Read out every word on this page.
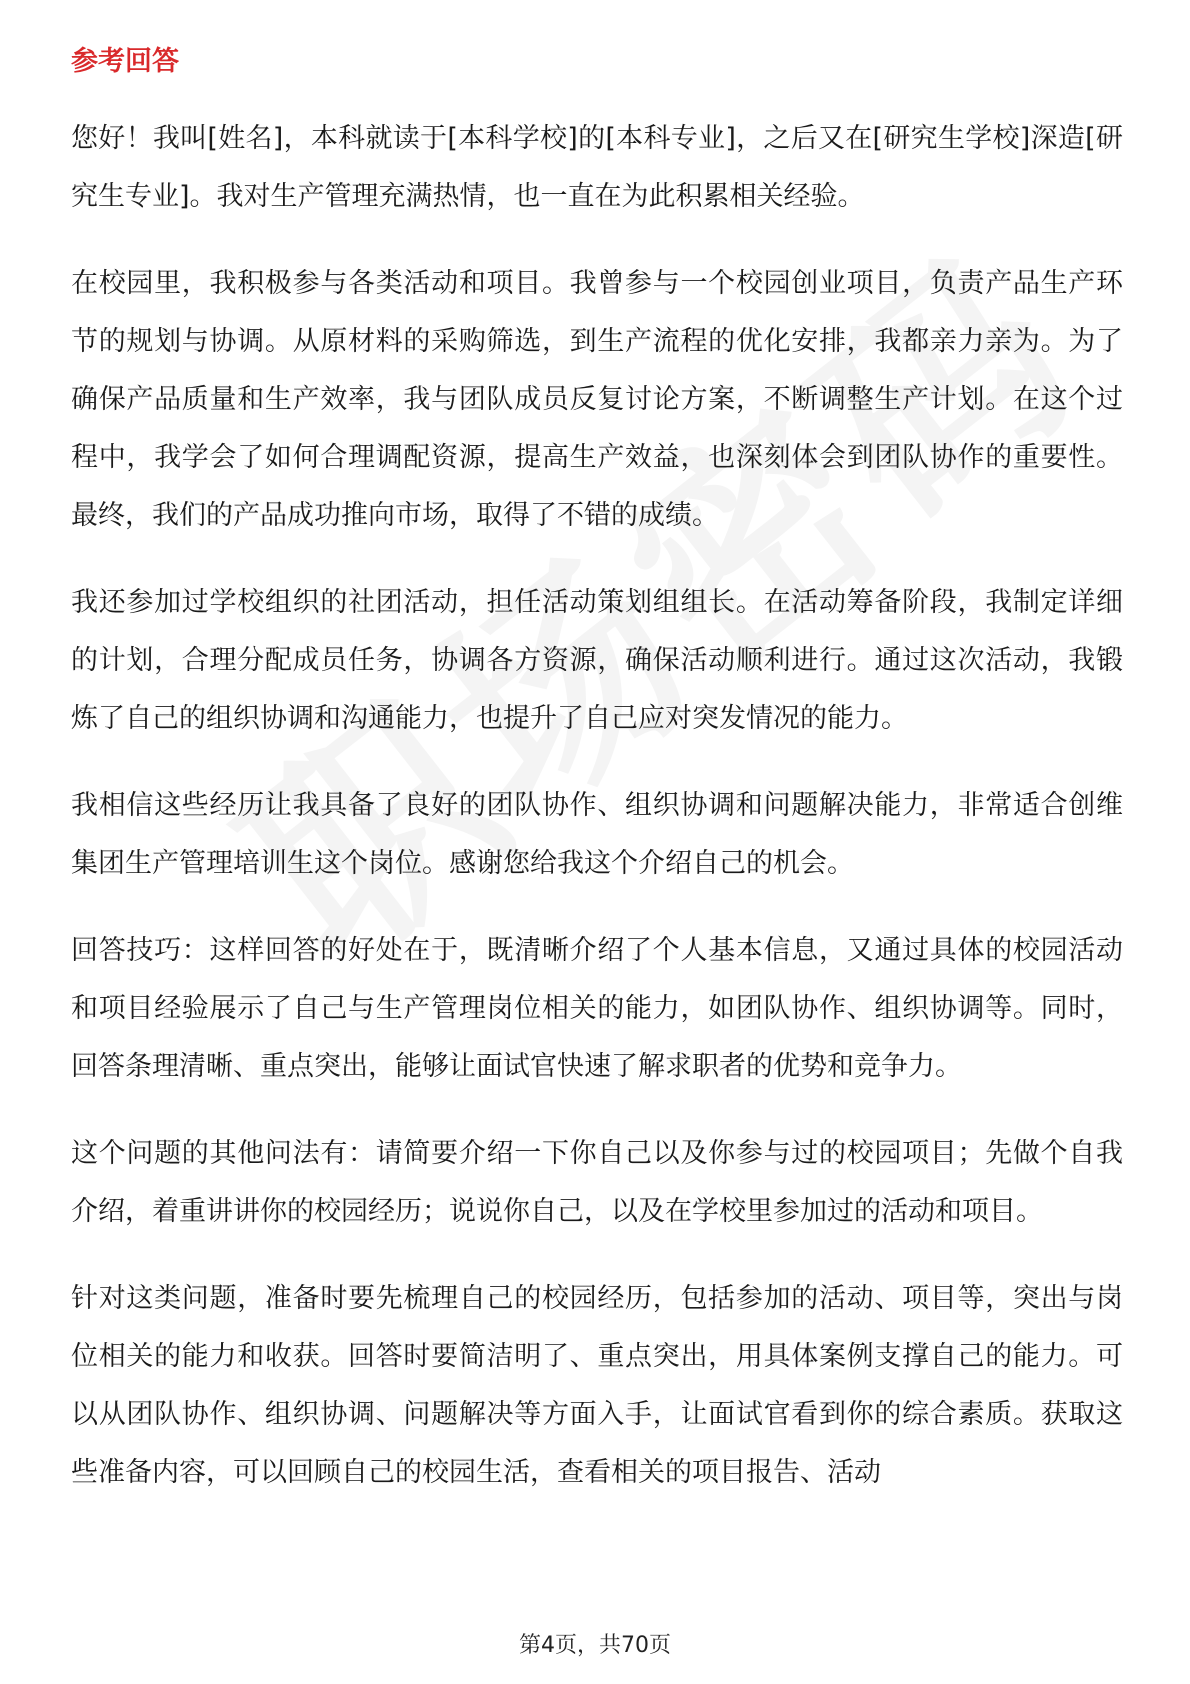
参考回答

您好！我叫[姓名]，本科就读于[本科学校]的[本科专业]，之后又在[研究生学校]深造[研究生专业]。我对生产管理充满热情，也一直在为此积累相关经验。

在校园里，我积极参与各类活动和项目。我曾参与一个校园创业项目，负责产品生产环节的规划与协调。从原材料的采购筛选，到生产流程的优化安排，我都亲力亲为。为了确保产品质量和生产效率，我与团队成员反复讨论方案，不断调整生产计划。在这个过程中，我学会了如何合理调配资源，提高生产效益，也深刻体会到团队协作的重要性。最终，我们的产品成功推向市场，取得了不错的成绩。

我还参加过学校组织的社团活动，担任活动策划组组长。在活动筹备阶段，我制定详细的计划，合理分配成员任务，协调各方资源，确保活动顺利进行。通过这次活动，我锻炼了自己的组织协调和沟通能力，也提升了自己应对突发情况的能力。

我相信这些经历让我具备了良好的团队协作、组织协调和问题解决能力，非常适合创维集团生产管理培训生这个岗位。感谢您给我这个介绍自己的机会。

回答技巧：这样回答的好处在于，既清晰介绍了个人基本信息，又通过具体的校园活动和项目经验展示了自己与生产管理岗位相关的能力，如团队协作、组织协调等。同时，回答条理清晰、重点突出，能够让面试官快速了解求职者的优势和竞争力。

这个问题的其他问法有：请简要介绍一下你自己以及你参与过的校园项目；先做个自我介绍，着重讲讲你的校园经历；说说你自己，以及在学校里参加过的活动和项目。

针对这类问题，准备时要先梳理自己的校园经历，包括参加的活动、项目等，突出与岗位相关的能力和收获。回答时要简洁明了、重点突出，用具体案例支撑自己的能力。可以从团队协作、组织协调、问题解决等方面入手，让面试官看到你的综合素质。获取这些准备内容，可以回顾自己的校园生活，查看相关的项目报告、活动

第4页，共70页
